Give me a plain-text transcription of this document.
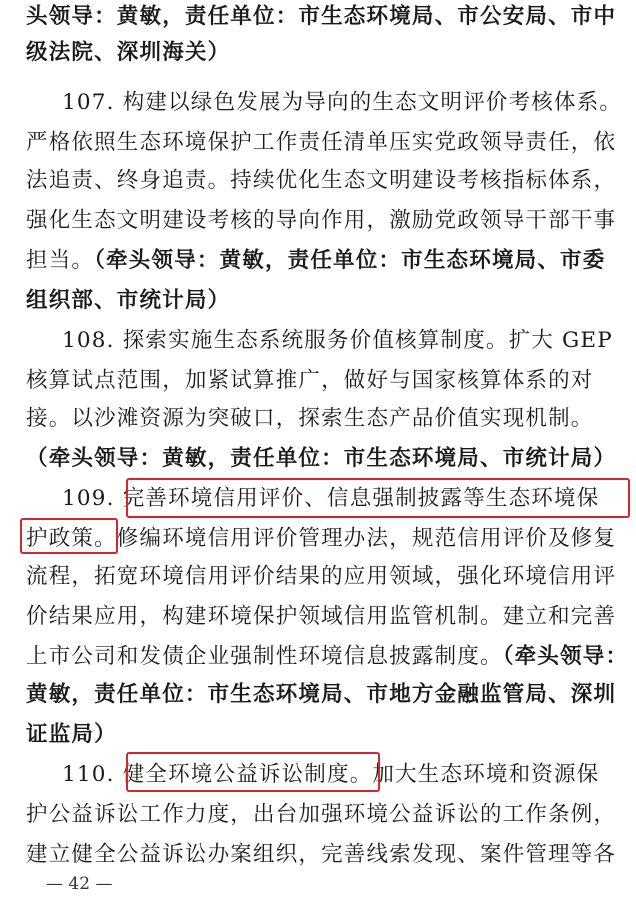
头领导：黄敏，责任单位：市生态环境局、市公安局、市中
级法院、深圳海关）
107. 构建以绿色发展为导向的生态文明评价考核体系。
严格依照生态环境保护工作责任清单压实党政领导责任，依
法追责、终身追责。持续优化生态文明建设考核指标体系，
强化生态文明建设考核的导向作用，激励党政领导干部干事
担当。（牵头领导：黄敏，责任单位：市生态环境局、市委
组织部、市统计局）
108. 探索实施生态系统服务价值核算制度。扩大 GEP
核算试点范围，加紧试算推广，做好与国家核算体系的对
接。以沙滩资源为突破口，探索生态产品价值实现机制。
（牵头领导：黄敏，责任单位：市生态环境局、市统计局）
109. 完善环境信用评价、信息强制披露等生态环境保
护政策。修编环境信用评价管理办法，规范信用评价及修复
流程，拓宽环境信用评价结果的应用领域，强化环境信用评
价结果应用，构建环境保护领域信用监管机制。建立和完善
上市公司和发债企业强制性环境信息披露制度。（牵头领导：
黄敏，责任单位：市生态环境局、市地方金融监管局、深圳
证监局）
110. 健全环境公益诉讼制度。加大生态环境和资源保
护公益诉讼工作力度，出台加强环境公益诉讼的工作条例，
建立健全公益诉讼办案组织，完善线索发现、案件管理等各
— 42 —
